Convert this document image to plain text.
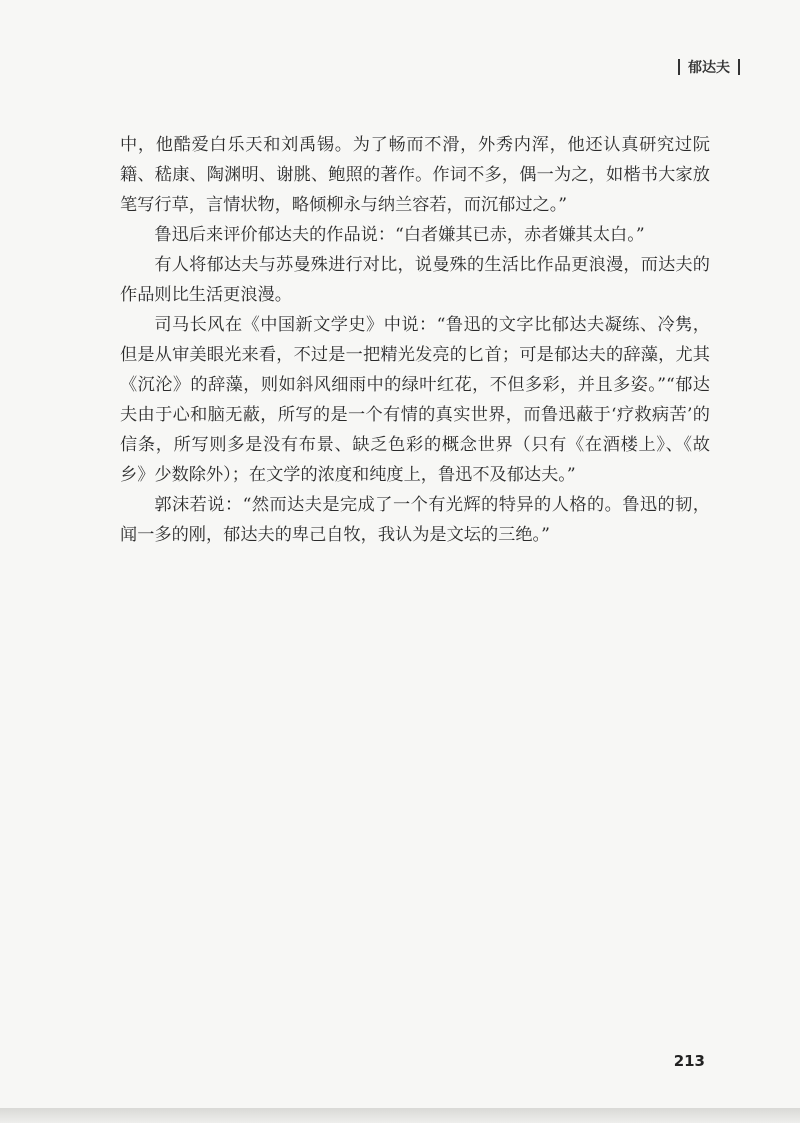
郁达夫

中，他酷爱白乐天和刘禹锡。为了畅而不滑，外秀内浑，他还认真研究过阮籍、嵇康、陶渊明、谢朓、鲍照的著作。作词不多，偶一为之，如楷书大家放笔写行草，言情状物，略倾柳永与纳兰容若，而沉郁过之。”

鲁迅后来评价郁达夫的作品说：“白者嫌其已赤，赤者嫌其太白。”

有人将郁达夫与苏曼殊进行对比，说曼殊的生活比作品更浪漫，而达夫的作品则比生活更浪漫。

司马长风在《中国新文学史》中说：“鲁迅的文字比郁达夫凝练、冷隽，但是从审美眼光来看，不过是一把精光发亮的匕首；可是郁达夫的辞藻，尤其《沉沦》的辞藻，则如斜风细雨中的绿叶红花，不但多彩，并且多姿。”“郁达夫由于心和脑无蔽，所写的是一个有情的真实世界，而鲁迅蔽于‘疗救病苦’的信条，所写则多是没有布景、缺乏色彩的概念世界（只有《在酒楼上》、《故乡》少数除外）；在文学的浓度和纯度上，鲁迅不及郁达夫。”

郭沫若说：“然而达夫是完成了一个有光辉的特异的人格的。鲁迅的韧，闻一多的刚，郁达夫的卑己自牧，我认为是文坛的三绝。”

213
